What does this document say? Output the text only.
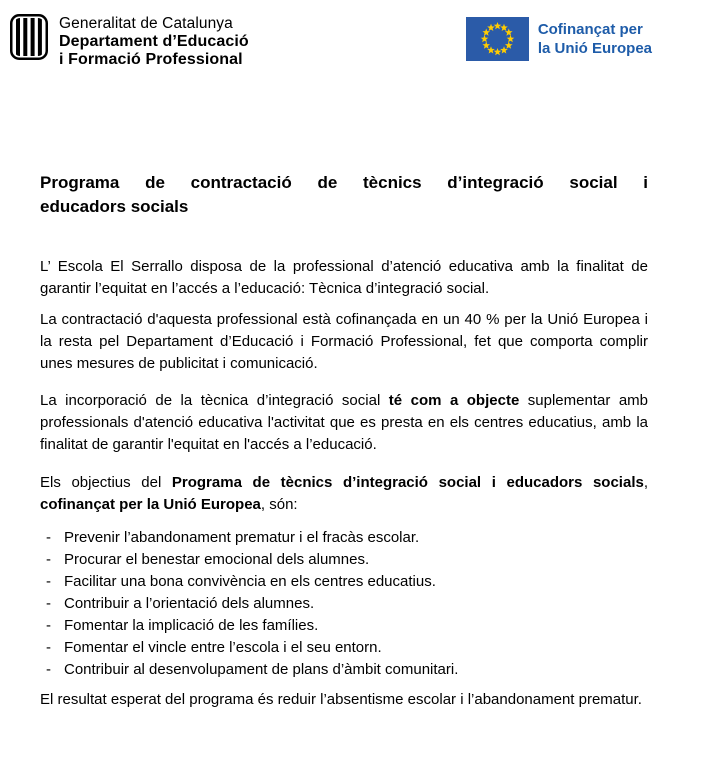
Generalitat de Catalunya
Departament d’Educació
i Formació Professional
Cofinançat per
la Unió Europea
Programa de contractació de tècnics d’integració social i
educadors socials

L’ Escola El Serrallo disposa de la professional d’atenció educativa amb la finalitat de garantir l’equitat en l’accés a l’educació: Tècnica d’integració social.

La contractació d'aquesta professional està cofinançada en un 40 % per la Unió Europea i la resta pel Departament d’Educació i Formació Professional, fet que comporta complir unes mesures de publicitat i comunicació.

La incorporació de la tècnica d’integració social té com a objecte suplementar amb professionals d'atenció educativa l'activitat que es presta en els centres educatius, amb la finalitat de garantir l'equitat en l'accés a l’educació.

Els objectius del Programa de tècnics d’integració social i educadors socials, cofinançat per la Unió Europea, són:

- Prevenir l’abandonament prematur i el fracàs escolar.
- Procurar el benestar emocional dels alumnes.
- Facilitar una bona convivència en els centres educatius.
- Contribuir a l’orientació dels alumnes.
- Fomentar la implicació de les famílies.
- Fomentar el vincle entre l’escola i el seu entorn.
- Contribuir al desenvolupament de plans d’àmbit comunitari.

El resultat esperat del programa és reduir l’absentisme escolar i l’abandonament prematur.
